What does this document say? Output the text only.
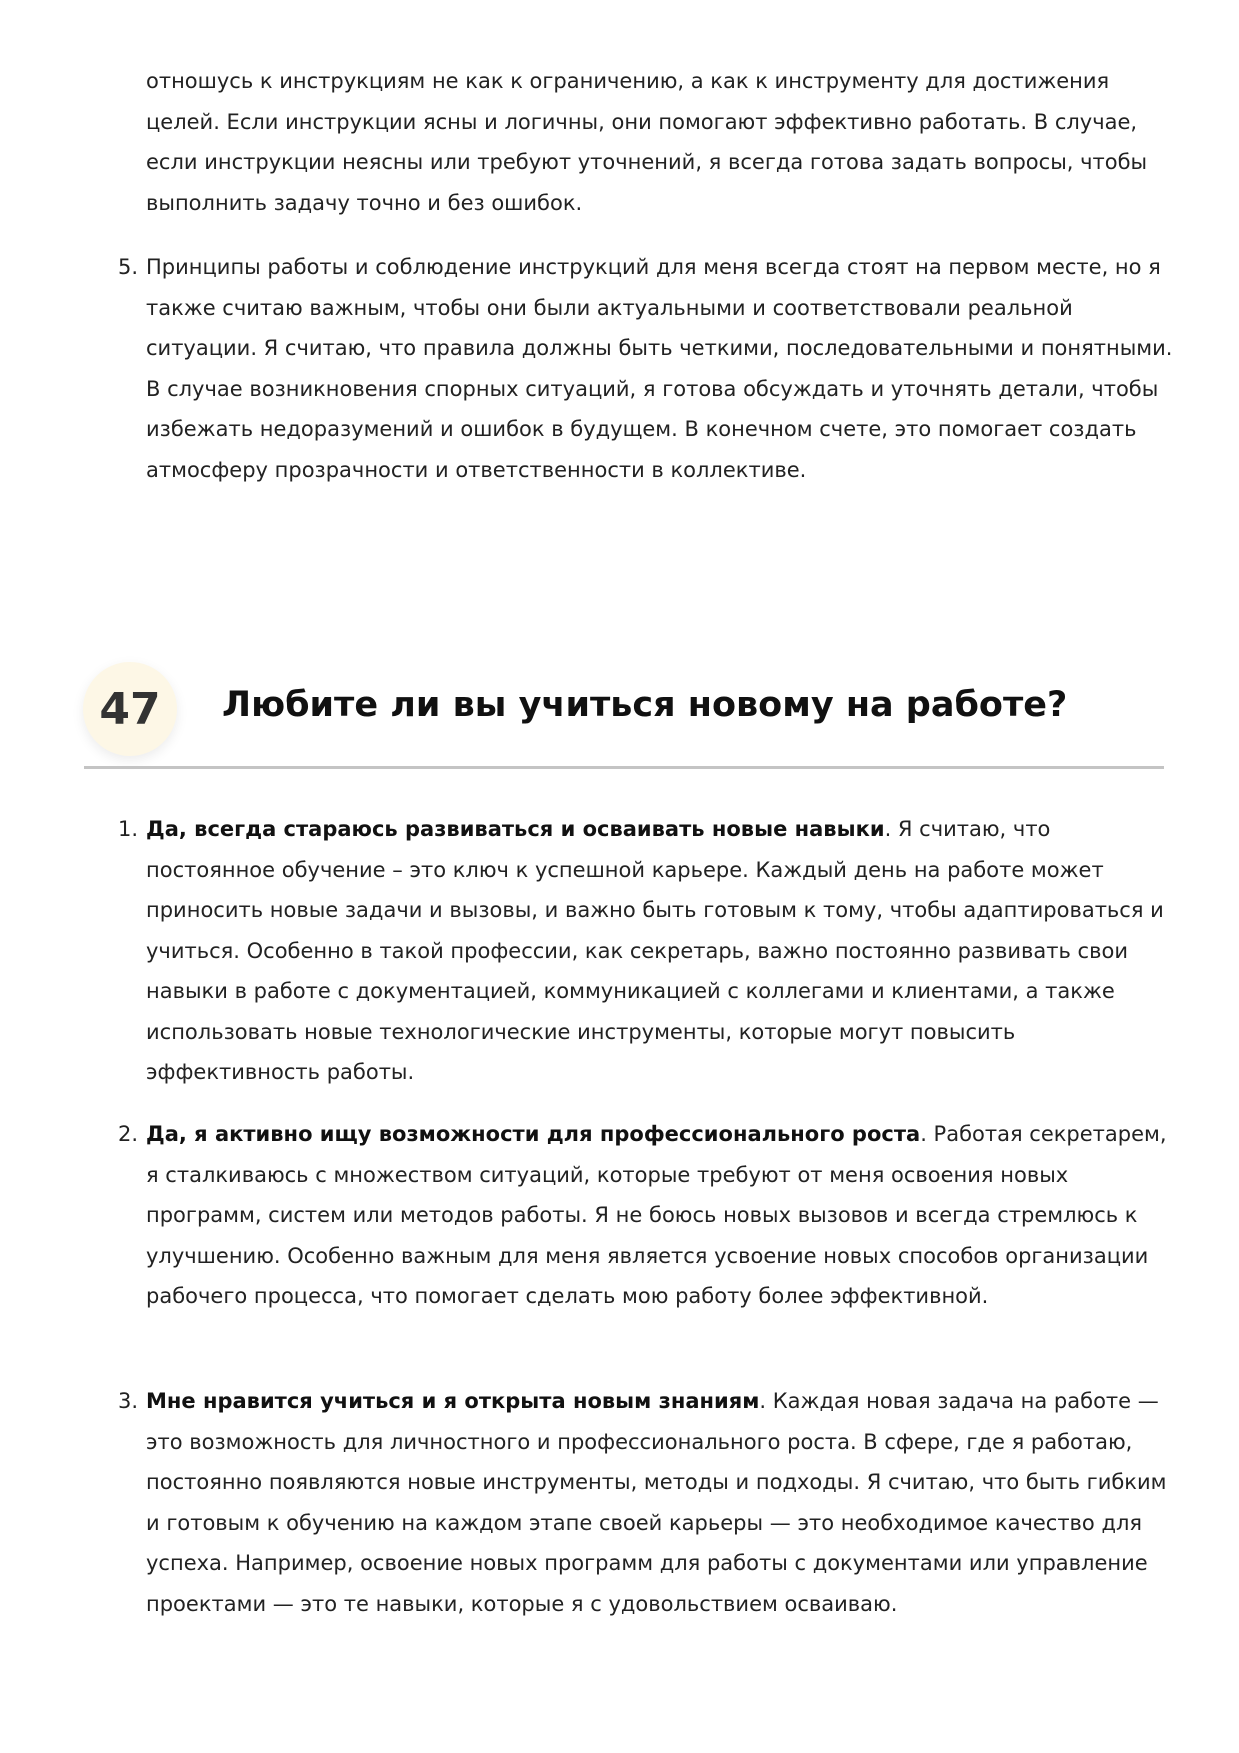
отношусь к инструкциям не как к ограничению, а как к инструменту для достижения целей. Если инструкции ясны и логичны, они помогают эффективно работать. В случае, если инструкции неясны или требуют уточнений, я всегда готова задать вопросы, чтобы выполнить задачу точно и без ошибок.
5. Принципы работы и соблюдение инструкций для меня всегда стоят на первом месте, но я также считаю важным, чтобы они были актуальными и соответствовали реальной ситуации. Я считаю, что правила должны быть четкими, последовательными и понятными. В случае возникновения спорных ситуаций, я готова обсуждать и уточнять детали, чтобы избежать недоразумений и ошибок в будущем. В конечном счете, это помогает создать атмосферу прозрачности и ответственности в коллективе.
47	Любите ли вы учиться новому на работе?
1. Да, всегда стараюсь развиваться и осваивать новые навыки. Я считаю, что постоянное обучение – это ключ к успешной карьере. Каждый день на работе может приносить новые задачи и вызовы, и важно быть готовым к тому, чтобы адаптироваться и учиться. Особенно в такой профессии, как секретарь, важно постоянно развивать свои навыки в работе с документацией, коммуникацией с коллегами и клиентами, а также использовать новые технологические инструменты, которые могут повысить эффективность работы.
2. Да, я активно ищу возможности для профессионального роста. Работая секретарем, я сталкиваюсь с множеством ситуаций, которые требуют от меня освоения новых программ, систем или методов работы. Я не боюсь новых вызовов и всегда стремлюсь к улучшению. Особенно важным для меня является усвоение новых способов организации рабочего процесса, что помогает сделать мою работу более эффективной.
3. Мне нравится учиться и я открыта новым знаниям. Каждая новая задача на работе — это возможность для личностного и профессионального роста. В сфере, где я работаю, постоянно появляются новые инструменты, методы и подходы. Я считаю, что быть гибким и готовым к обучению на каждом этапе своей карьеры — это необходимое качество для успеха. Например, освоение новых программ для работы с документами или управление проектами — это те навыки, которые я с удовольствием осваиваю.
